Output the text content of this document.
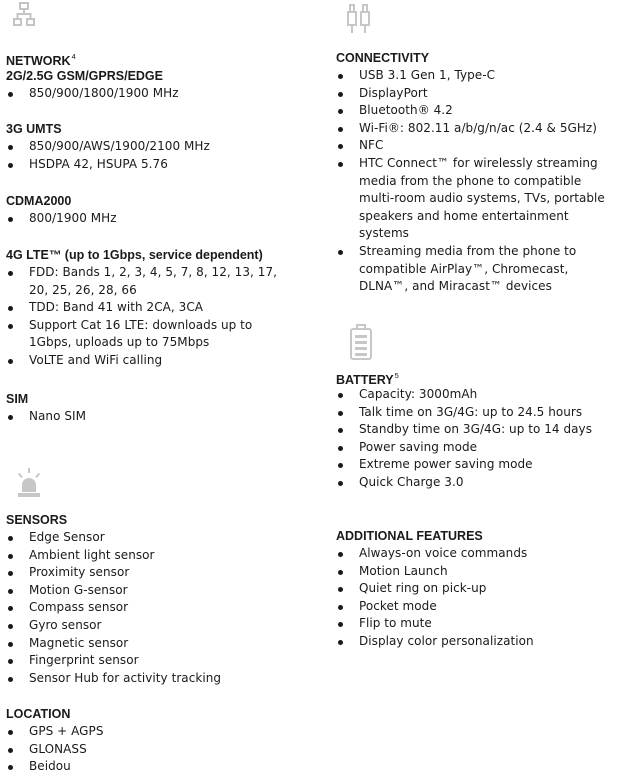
NETWORK$^4$
2G/2.5G GSM/GPRS/EDGE
850/900/1800/1900 MHz
3G UMTS
850/900/AWS/1900/2100 MHz
HSDPA 42, HSUPA 5.76
CDMA2000
800/1900 MHz
4G LTE™ (up to 1Gbps, service dependent)
FDD: Bands 1, 2, 3, 4, 5, 7, 8, 12, 13, 17, 20, 25, 26, 28, 66
TDD: Band 41 with 2CA, 3CA
Support Cat 16 LTE: downloads up to 1Gbps, uploads up to 75Mbps
VoLTE and WiFi calling
SIM
Nano SIM
SENSORS
Edge Sensor
Ambient light sensor
Proximity sensor
Motion G-sensor
Compass sensor
Gyro sensor
Magnetic sensor
Fingerprint sensor
Sensor Hub for activity tracking
LOCATION
GPS + AGPS
GLONASS
Beidou
CONNECTIVITY
USB 3.1 Gen 1, Type-C
DisplayPort
Bluetooth® 4.2
Wi-Fi®: 802.11 a/b/g/n/ac (2.4 & 5GHz)
NFC
HTC Connect™ for wirelessly streaming media from the phone to compatible multi-room audio systems, TVs, portable speakers and home entertainment systems
Streaming media from the phone to compatible AirPlay™, Chromecast, DLNA™, and Miracast™ devices
BATTERY$^5$
Capacity: 3000mAh
Talk time on 3G/4G: up to 24.5 hours
Standby time on 3G/4G: up to 14 days
Power saving mode
Extreme power saving mode
Quick Charge 3.0
ADDITIONAL FEATURES
Always-on voice commands
Motion Launch
Quiet ring on pick-up
Pocket mode
Flip to mute
Display color personalization
